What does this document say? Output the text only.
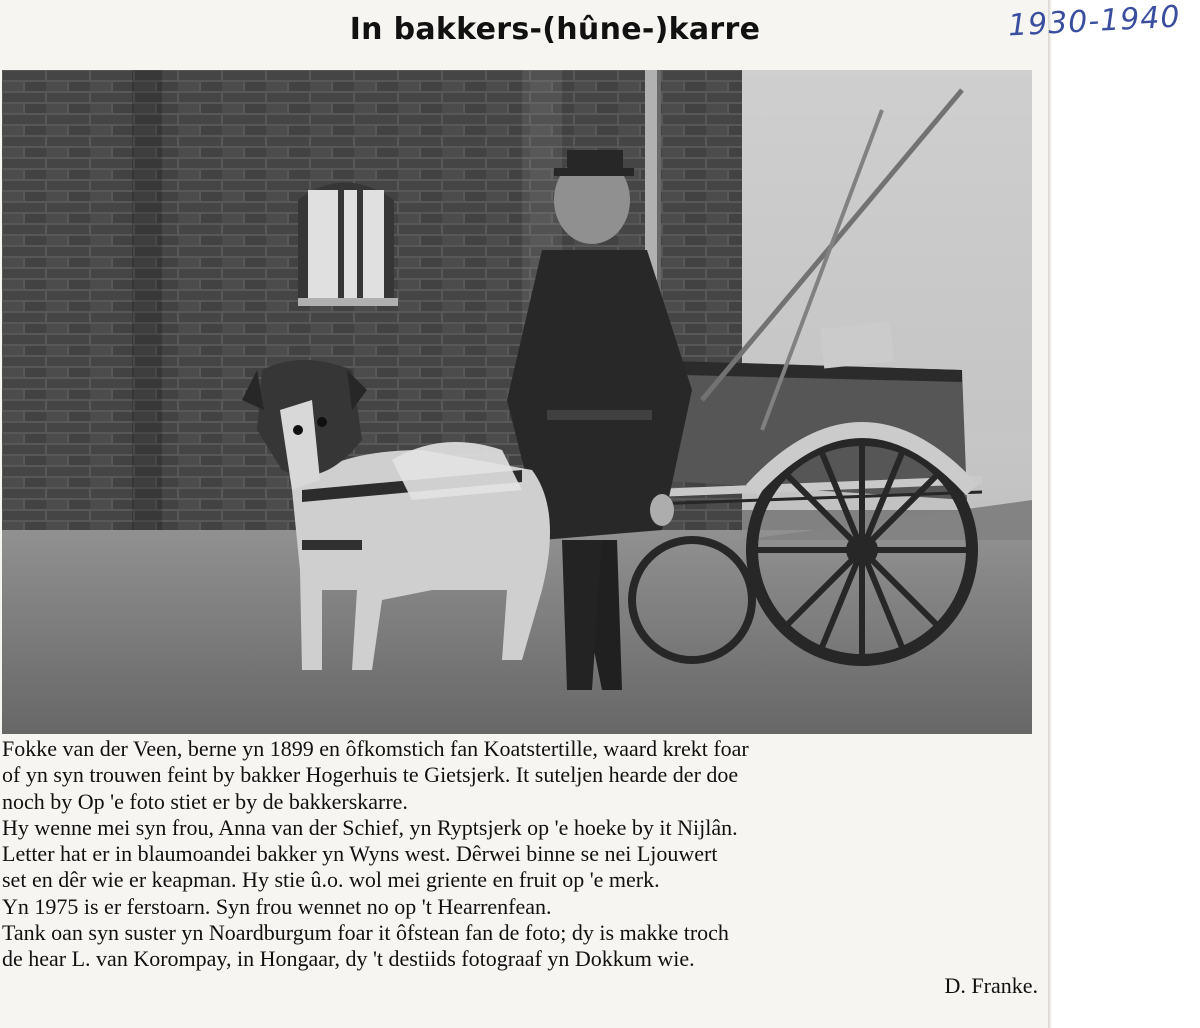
In bakkers-(hûne-)karre
Fokke van der Veen, berne yn 1899 en ôfkomstich fan Koatstertille, waard krekt foar
of yn syn trouwen feint by bakker Hogerhuis te Gietsjerk. It suteljen hearde der doe
noch by Op 'e foto stiet er by de bakkerskarre.
Hy wenne mei syn frou, Anna van der Schief, yn Ryptsjerk op 'e hoeke by it Nijlân.
Letter hat er in blaumoandei bakker yn Wyns west. Dêrwei binne se nei Ljouwert
set en dêr wie er keapman. Hy stie û.o. wol mei griente en fruit op 'e merk.
Yn 1975 is er ferstoarn. Syn frou wennet no op 't Hearrenfean.
Tank oan syn suster yn Noardburgum foar it ôfstean fan de foto; dy is makke troch
de hear L. van Korompay, in Hongaar, dy 't destiids fotograaf yn Dokkum wie.
D. Franke.
1930-1940
